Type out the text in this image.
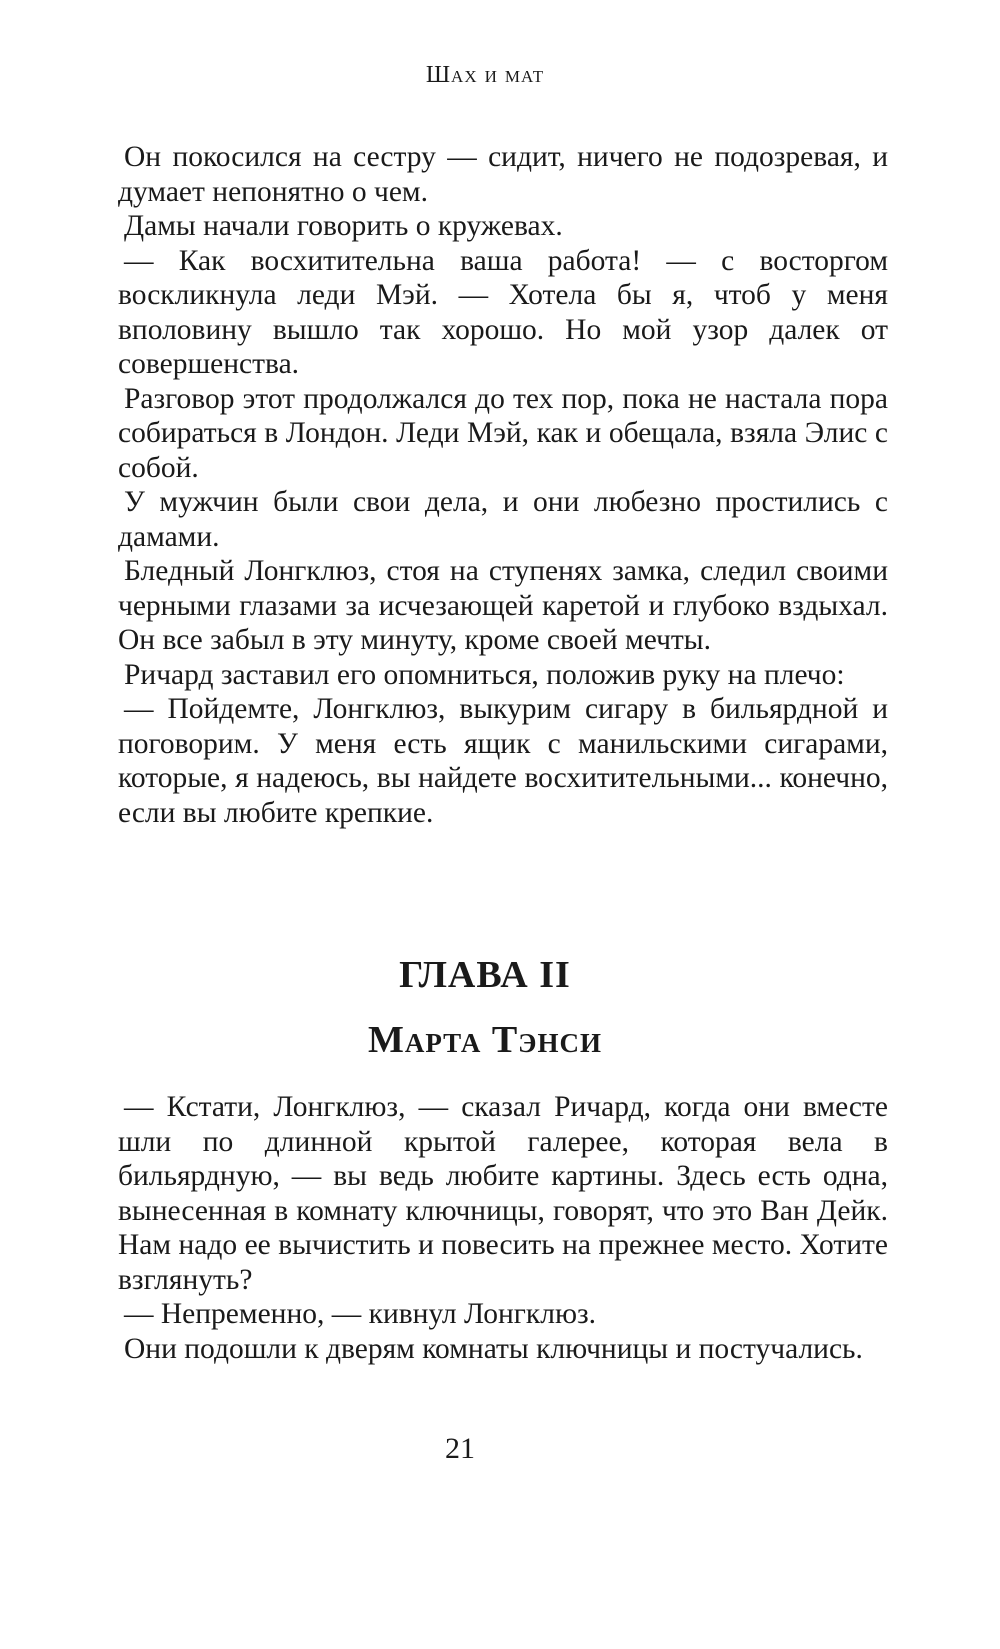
Шах и мат

Он покосился на сестру — сидит, ничего не подозревая, и думает непонятно о чем.

Дамы начали говорить о кружевах.

— Как восхитительна ваша работа! — с восторгом воскликнула леди Мэй. — Хотела бы я, чтоб у меня вполовину вышло так хорошо. Но мой узор далек от совершенства.

Разговор этот продолжался до тех пор, пока не настала пора собираться в Лондон. Леди Мэй, как и обещала, взяла Элис с собой.

У мужчин были свои дела, и они любезно простились с дамами.

Бледный Лонгклюз, стоя на ступенях замка, следил своими черными глазами за исчезающей каретой и глубоко вздыхал. Он все забыл в эту минуту, кроме своей мечты.

Ричард заставил его опомниться, положив руку на плечо:

— Пойдемте, Лонгклюз, выкурим сигару в бильярдной и поговорим. У меня есть ящик с манильскими сигарами, которые, я надеюсь, вы найдете восхитительными... конечно, если вы любите крепкие.

ГЛАВА II
Марта Тэнси

— Кстати, Лонгклюз, — сказал Ричард, когда они вместе шли по длинной крытой галерее, которая вела в бильярдную, — вы ведь любите картины. Здесь есть одна, вынесенная в комнату ключницы, говорят, что это Ван Дейк. Нам надо ее вычистить и повесить на прежнее место. Хотите взглянуть?

— Непременно, — кивнул Лонгклюз.

Они подошли к дверям комнаты ключницы и постучались.

21
